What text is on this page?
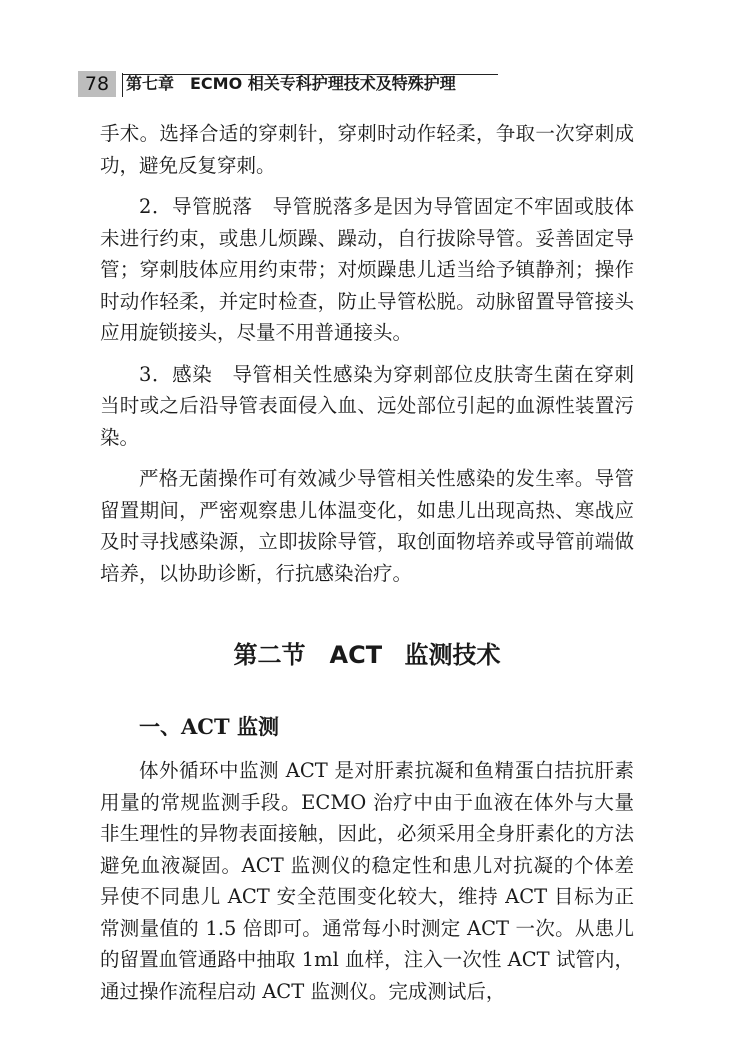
78	第七章　ECMO 相关专科护理技术及特殊护理

手术。选择合适的穿刺针，穿刺时动作轻柔，争取一次穿刺成功，避免反复穿刺。

2．导管脱落　导管脱落多是因为导管固定不牢固或肢体未进行约束，或患儿烦躁、躁动，自行拔除导管。妥善固定导管；穿刺肢体应用约束带；对烦躁患儿适当给予镇静剂；操作时动作轻柔，并定时检查，防止导管松脱。动脉留置导管接头应用旋锁接头，尽量不用普通接头。

3．感染　导管相关性感染为穿刺部位皮肤寄生菌在穿刺当时或之后沿导管表面侵入血、远处部位引起的血源性装置污染。

严格无菌操作可有效减少导管相关性感染的发生率。导管留置期间，严密观察患儿体温变化，如患儿出现高热、寒战应及时寻找感染源，立即拔除导管，取创面物培养或导管前端做培养，以协助诊断，行抗感染治疗。

第二节　ACT 监测技术
一、ACT 监测

体外循环中监测 ACT 是对肝素抗凝和鱼精蛋白拮抗肝素用量的常规监测手段。ECMO 治疗中由于血液在体外与大量非生理性的异物表面接触，因此，必须采用全身肝素化的方法避免血液凝固。ACT 监测仪的稳定性和患儿对抗凝的个体差异使不同患儿 ACT 安全范围变化较大，维持 ACT 目标为正常测量值的 1.5 倍即可。通常每小时测定 ACT 一次。从患儿的留置血管通路中抽取 1ml 血样，注入一次性 ACT 试管内，通过操作流程启动 ACT 监测仪。完成测试后，
